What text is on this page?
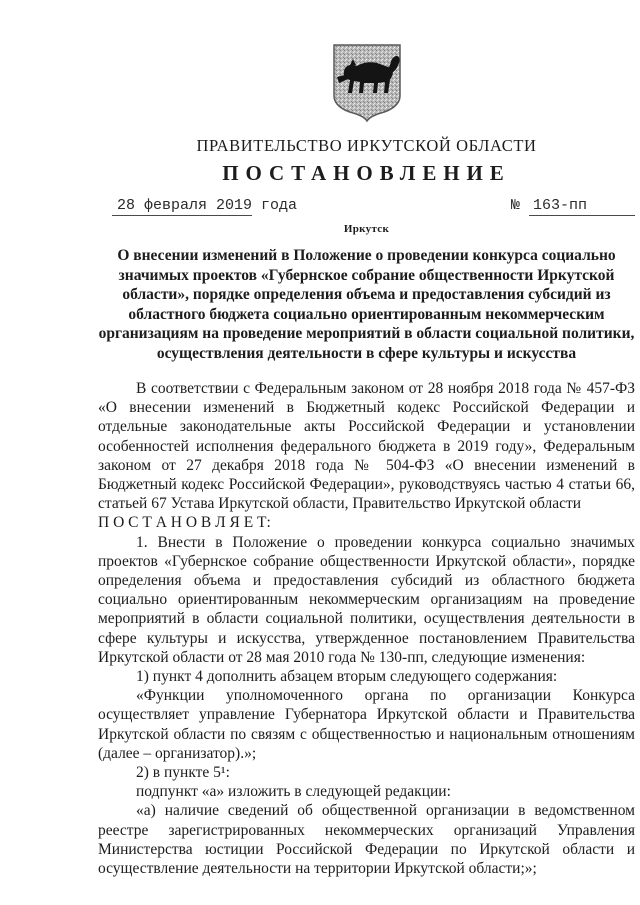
ПРАВИТЕЛЬСТВО ИРКУТСКОЙ ОБЛАСТИ
ПОСТАНОВЛЕНИЕ
28 февраля 2019 года	№ 163-пп
Иркутск
О внесении изменений в Положение о проведении конкурса социально значимых проектов «Губернское собрание общественности Иркутской области», порядке определения объема и предоставления субсидий из областного бюджета социально ориентированным некоммерческим организациям на проведение мероприятий в области социальной политики, осуществления деятельности в сфере культуры и искусства

В соответствии с Федеральным законом от 28 ноября 2018 года № 457-ФЗ «О внесении изменений в Бюджетный кодекс Российской Федерации и отдельные законодательные акты Российской Федерации и установлении особенностей исполнения федерального бюджета в 2019 году», Федеральным законом от 27 декабря 2018 года № 504-ФЗ «О внесении изменений в Бюджетный кодекс Российской Федерации», руководствуясь частью 4 статьи 66, статьей 67 Устава Иркутской области, Правительство Иркутской области

П О С Т А Н О В Л Я Е Т:

1. Внести в Положение о проведении конкурса социально значимых проектов «Губернское собрание общественности Иркутской области», порядке определения объема и предоставления субсидий из областного бюджета социально ориентированным некоммерческим организациям на проведение мероприятий в области социальной политики, осуществления деятельности в сфере культуры и искусства, утвержденное постановлением Правительства Иркутской области от 28 мая 2010 года № 130-пп, следующие изменения:

1) пункт 4 дополнить абзацем вторым следующего содержания:

«Функции уполномоченного органа по организации Конкурса осуществляет управление Губернатора Иркутской области и Правительства Иркутской области по связям с общественностью и национальным отношениям (далее – организатор).»;

2) в пункте 5¹:

подпункт «а» изложить в следующей редакции:

«а) наличие сведений об общественной организации в ведомственном реестре зарегистрированных некоммерческих организаций Управления Министерства юстиции Российской Федерации по Иркутской области и осуществление деятельности на территории Иркутской области;»;
